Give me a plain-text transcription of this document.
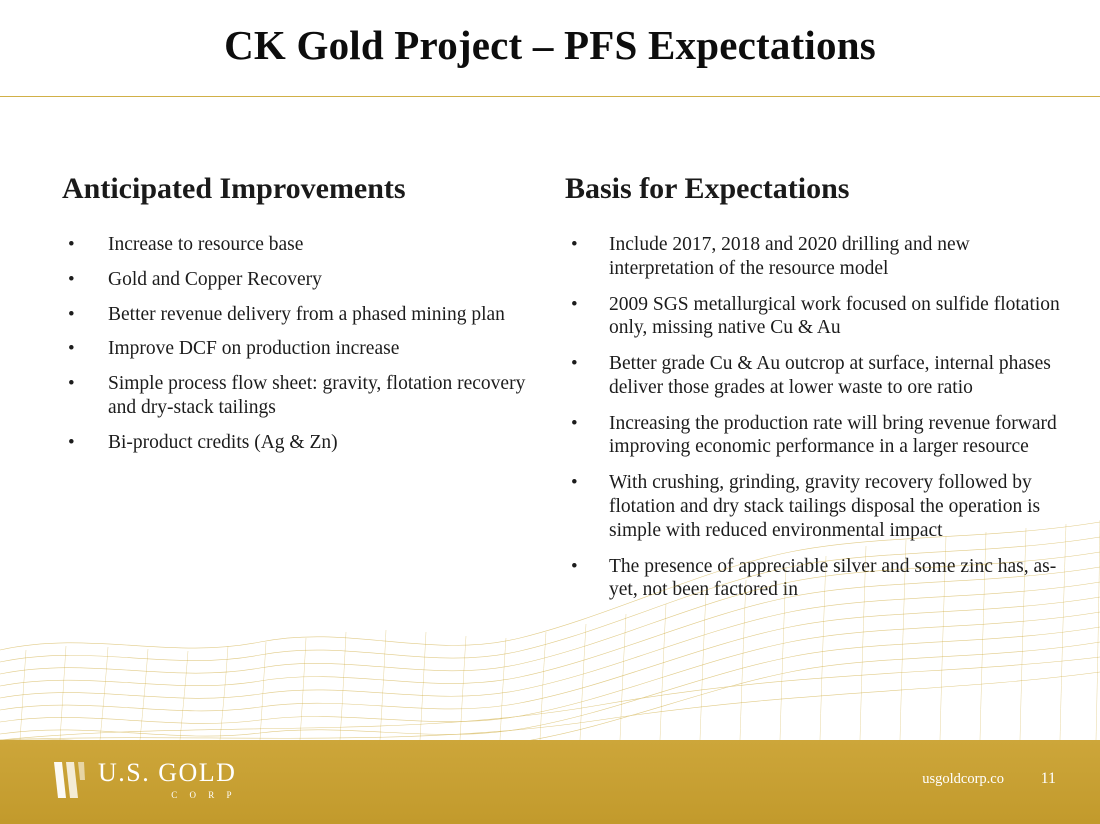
CK Gold Project – PFS Expectations
Anticipated Improvements
• Increase to resource base
• Gold and Copper Recovery
• Better revenue delivery from a phased mining plan
• Improve DCF on production increase
• Simple process flow sheet: gravity, flotation recovery and dry-stack tailings
• Bi-product credits (Ag & Zn)
Basis for Expectations
• Include 2017, 2018 and 2020 drilling and new interpretation of the resource model
• 2009 SGS metallurgical work focused on sulfide flotation only, missing native Cu & Au
• Better grade Cu & Au outcrop at surface, internal phases deliver those grades at lower waste to ore ratio
• Increasing the production rate will bring revenue forward improving economic performance in a larger resource
• With crushing, grinding, gravity recovery followed by flotation and dry stack tailings disposal the operation is simple with reduced environmental impact
• The presence of appreciable silver and some zinc has, as-yet, not been factored in
U.S. GOLD
C O R P
usgoldcorp.co 11
